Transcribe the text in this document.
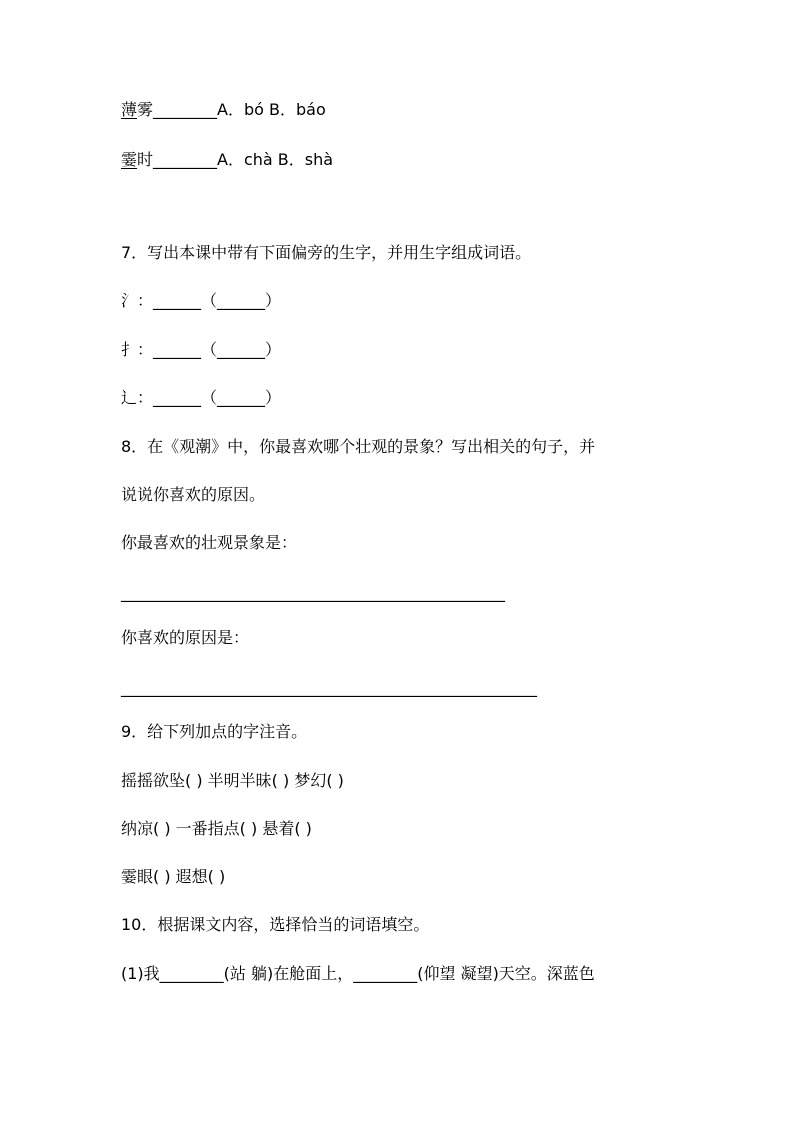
薄雾________A．bó B．báo
霎时________A．chà B．shà
7．写出本课中带有下面偏旁的生字，并用生字组成词语。
氵：______（______）
扌：______（______）
辶：______（______）
8．在《观潮》中，你最喜欢哪个壮观的景象？写出相关的句子，并
说说你喜欢的原因。
你最喜欢的壮观景象是：
________________________________________________
你喜欢的原因是：
____________________________________________________
9．给下列加点的字注音。
摇摇欲坠( ) 半明半昧( ) 梦幻( )
纳凉( ) 一番指点( ) 悬着( )
霎眼( ) 遐想( )
10．根据课文内容，选择恰当的词语填空。
(1)我________(站 躺)在舱面上，________(仰望 凝望)天空。深蓝色
